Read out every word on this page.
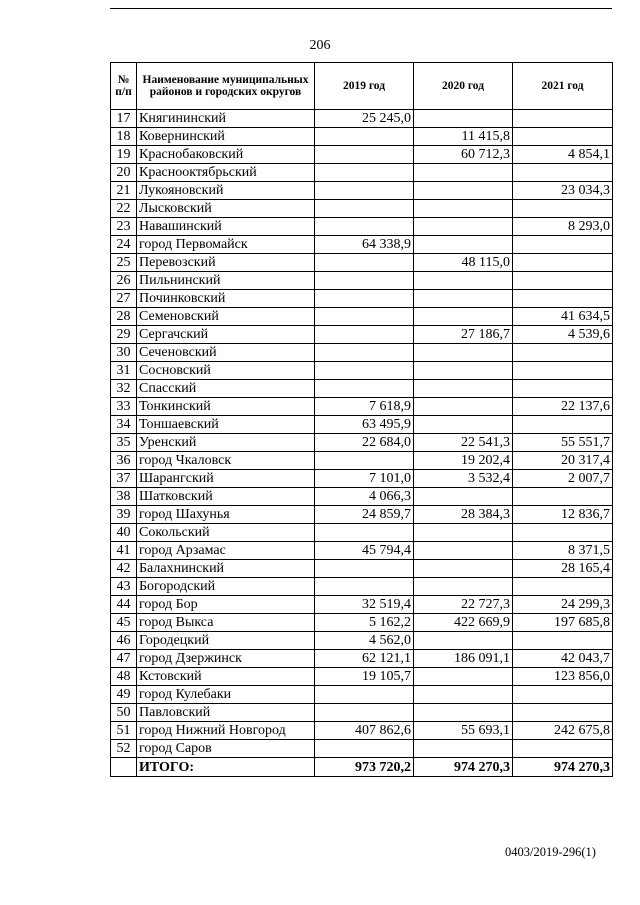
206
№ п/п	Наименование муниципальных районов и городских округов	2019 год	2020 год	2021 год
17	Княгининский	25 245,0		
18	Ковернинский		11 415,8	
19	Краснобаковский		60 712,3	4 854,1
20	Краснооктябрьский			
21	Лукояновский			23 034,3
22	Лысковский			
23	Навашинский			8 293,0
24	город Первомайск	64 338,9		
25	Перевозский		48 115,0	
26	Пильнинский			
27	Починковский			
28	Семеновский			41 634,5
29	Сергачский		27 186,7	4 539,6
30	Сеченовский			
31	Сосновский			
32	Спасский			
33	Тонкинский	7 618,9		22 137,6
34	Тоншаевский	63 495,9		
35	Уренский	22 684,0	22 541,3	55 551,7
36	город Чкаловск		19 202,4	20 317,4
37	Шарангский	7 101,0	3 532,4	2 007,7
38	Шатковский	4 066,3		
39	город Шахунья	24 859,7	28 384,3	12 836,7
40	Сокольский			
41	город Арзамас	45 794,4		8 371,5
42	Балахнинский			28 165,4
43	Богородский			
44	город Бор	32 519,4	22 727,3	24 299,3
45	город Выкса	5 162,2	422 669,9	197 685,8
46	Городецкий	4 562,0		
47	город Дзержинск	62 121,1	186 091,1	42 043,7
48	Кстовский	19 105,7		123 856,0
49	город Кулебаки			
50	Павловский			
51	город Нижний Новгород	407 862,6	55 693,1	242 675,8
52	город Саров			
	ИТОГО:	973 720,2	974 270,3	974 270,3
0403/2019-296(1)
